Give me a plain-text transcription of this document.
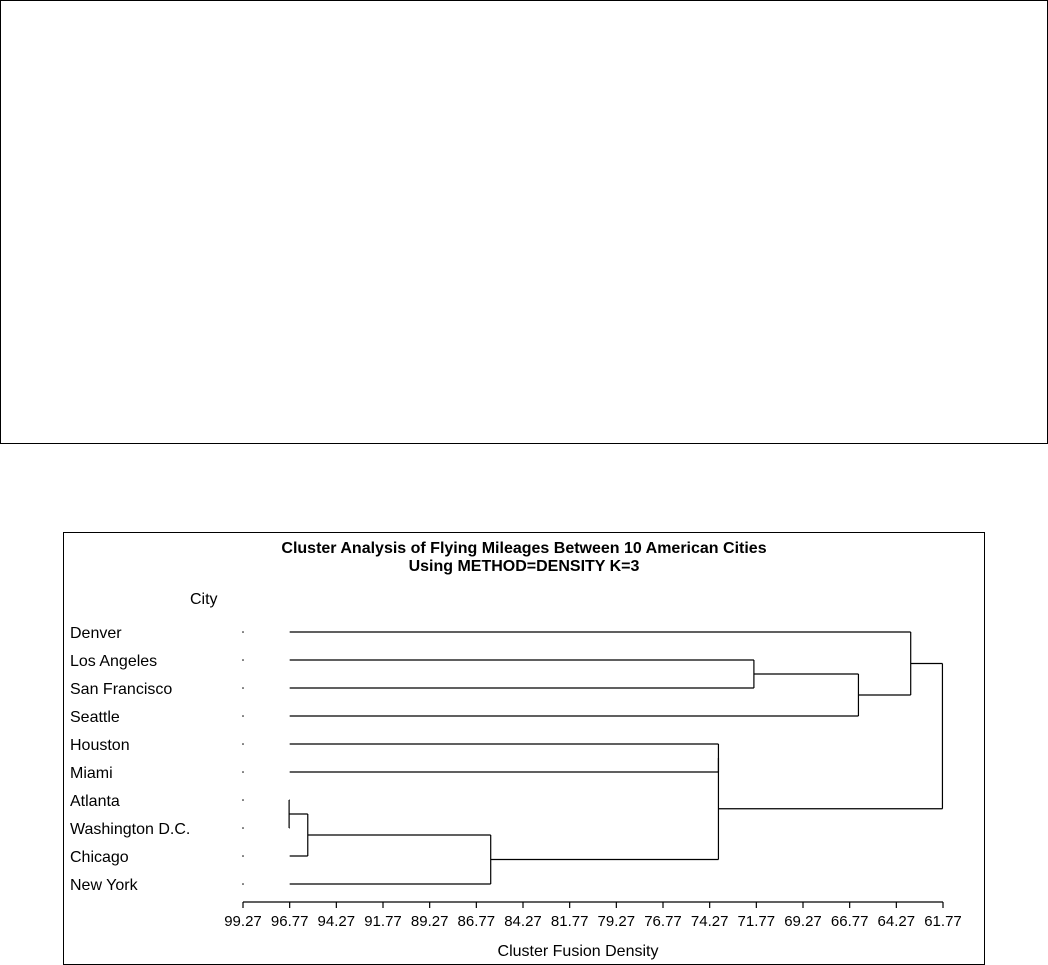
Cluster Analysis of Flying Mileages Between 10 American Cities
Using METHOD=DENSITY K=3
City
Cluster Fusion Density
Denver
Los Angeles
San Francisco
Seattle
Houston
Miami
Atlanta
Washington D.C.
Chicago
New York
99.27 96.77 94.27 91.77 89.27 86.77 84.27 81.77 79.27 76.77 74.27 71.77 69.27 66.77 64.27 61.77
